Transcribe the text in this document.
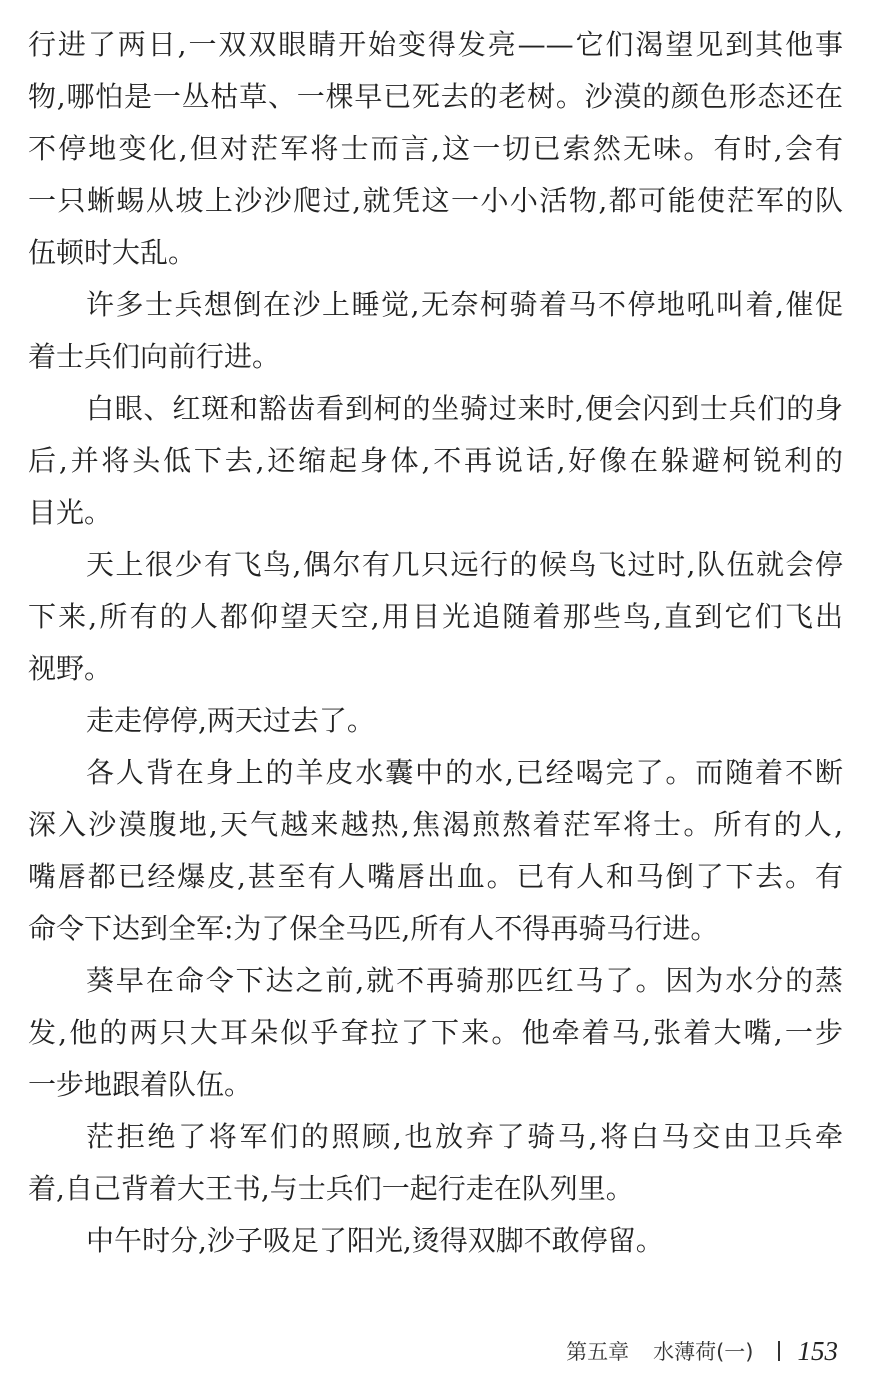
行进了两日,一双双眼睛开始变得发亮——它们渴望见到其他事
物,哪怕是一丛枯草、一棵早已死去的老树。沙漠的颜色形态还在
不停地变化,但对茫军将士而言,这一切已索然无味。有时,会有
一只蜥蜴从坡上沙沙爬过,就凭这一小小活物,都可能使茫军的队
伍顿时大乱。
许多士兵想倒在沙上睡觉,无奈柯骑着马不停地吼叫着,催促
着士兵们向前行进。
白眼、红斑和豁齿看到柯的坐骑过来时,便会闪到士兵们的身
后,并将头低下去,还缩起身体,不再说话,好像在躲避柯锐利的
目光。
天上很少有飞鸟,偶尔有几只远行的候鸟飞过时,队伍就会停
下来,所有的人都仰望天空,用目光追随着那些鸟,直到它们飞出
视野。
走走停停,两天过去了。
各人背在身上的羊皮水囊中的水,已经喝完了。而随着不断
深入沙漠腹地,天气越来越热,焦渴煎熬着茫军将士。所有的人,
嘴唇都已经爆皮,甚至有人嘴唇出血。已有人和马倒了下去。有
命令下达到全军:为了保全马匹,所有人不得再骑马行进。
葵早在命令下达之前,就不再骑那匹红马了。因为水分的蒸
发,他的两只大耳朵似乎耷拉了下来。他牵着马,张着大嘴,一步
一步地跟着队伍。
茫拒绝了将军们的照顾,也放弃了骑马,将白马交由卫兵牵
着,自己背着大王书,与士兵们一起行走在队列里。
中午时分,沙子吸足了阳光,烫得双脚不敢停留。
第五章 水薄荷(一) 153
